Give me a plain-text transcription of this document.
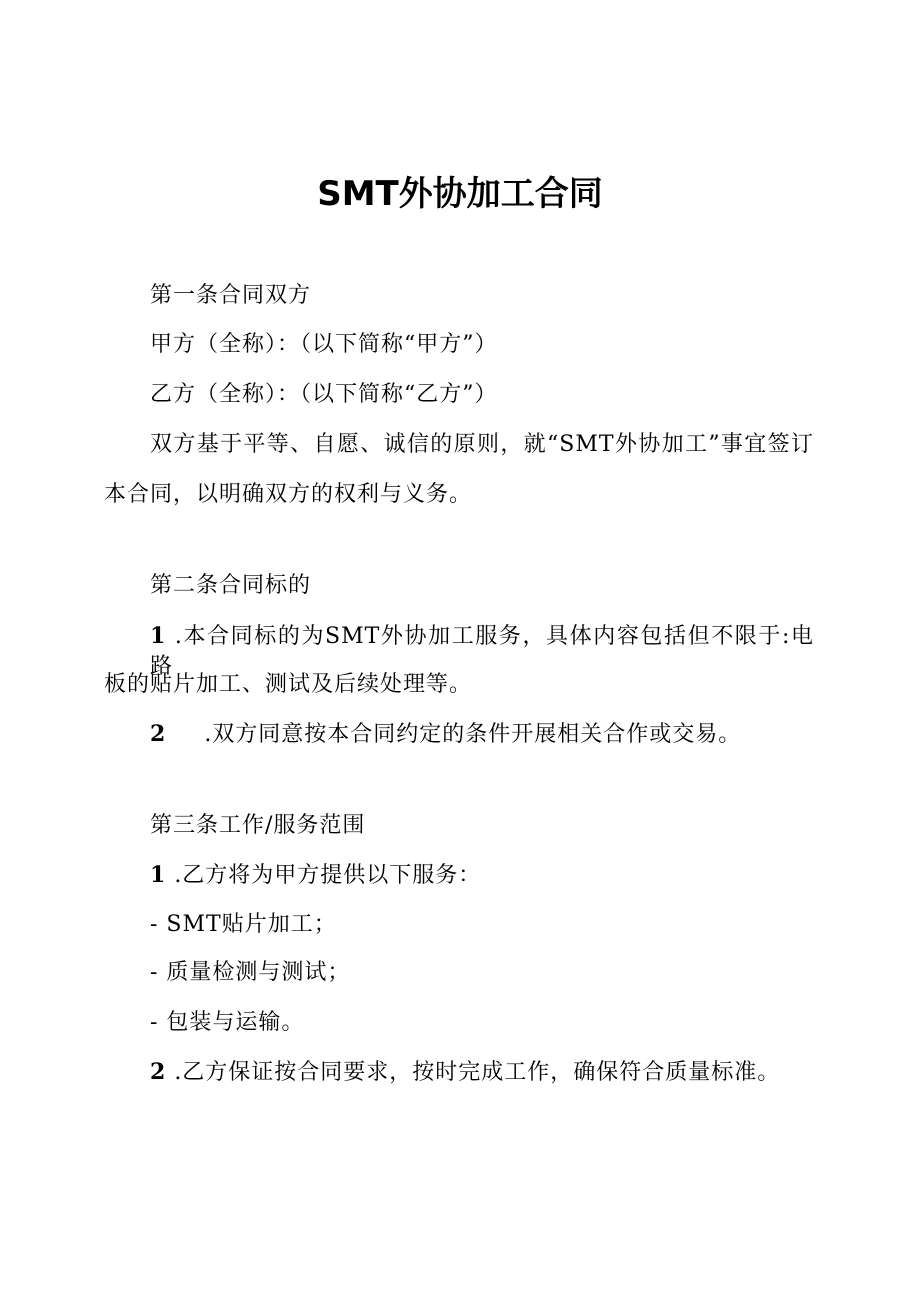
SMT外协加工合同

第一条合同双方

甲方（全称）：（以下简称“甲方”）

乙方（全称）：（以下简称“乙方”）

双方基于平等、自愿、诚信的原则，就“SMT外协加工”事宜签订

本合同，以明确双方的权利与义务。

第二条合同标的

1 .本合同标的为SMT外协加工服务，具体内容包括但不限于:电路

板的贴片加工、测试及后续处理等。

2 .双方同意按本合同约定的条件开展相关合作或交易。

第三条工作/服务范围

1 .乙方将为甲方提供以下服务：

- SMT贴片加工；

- 质量检测与测试；

- 包装与运输。

2 .乙方保证按合同要求，按时完成工作，确保符合质量标准。
